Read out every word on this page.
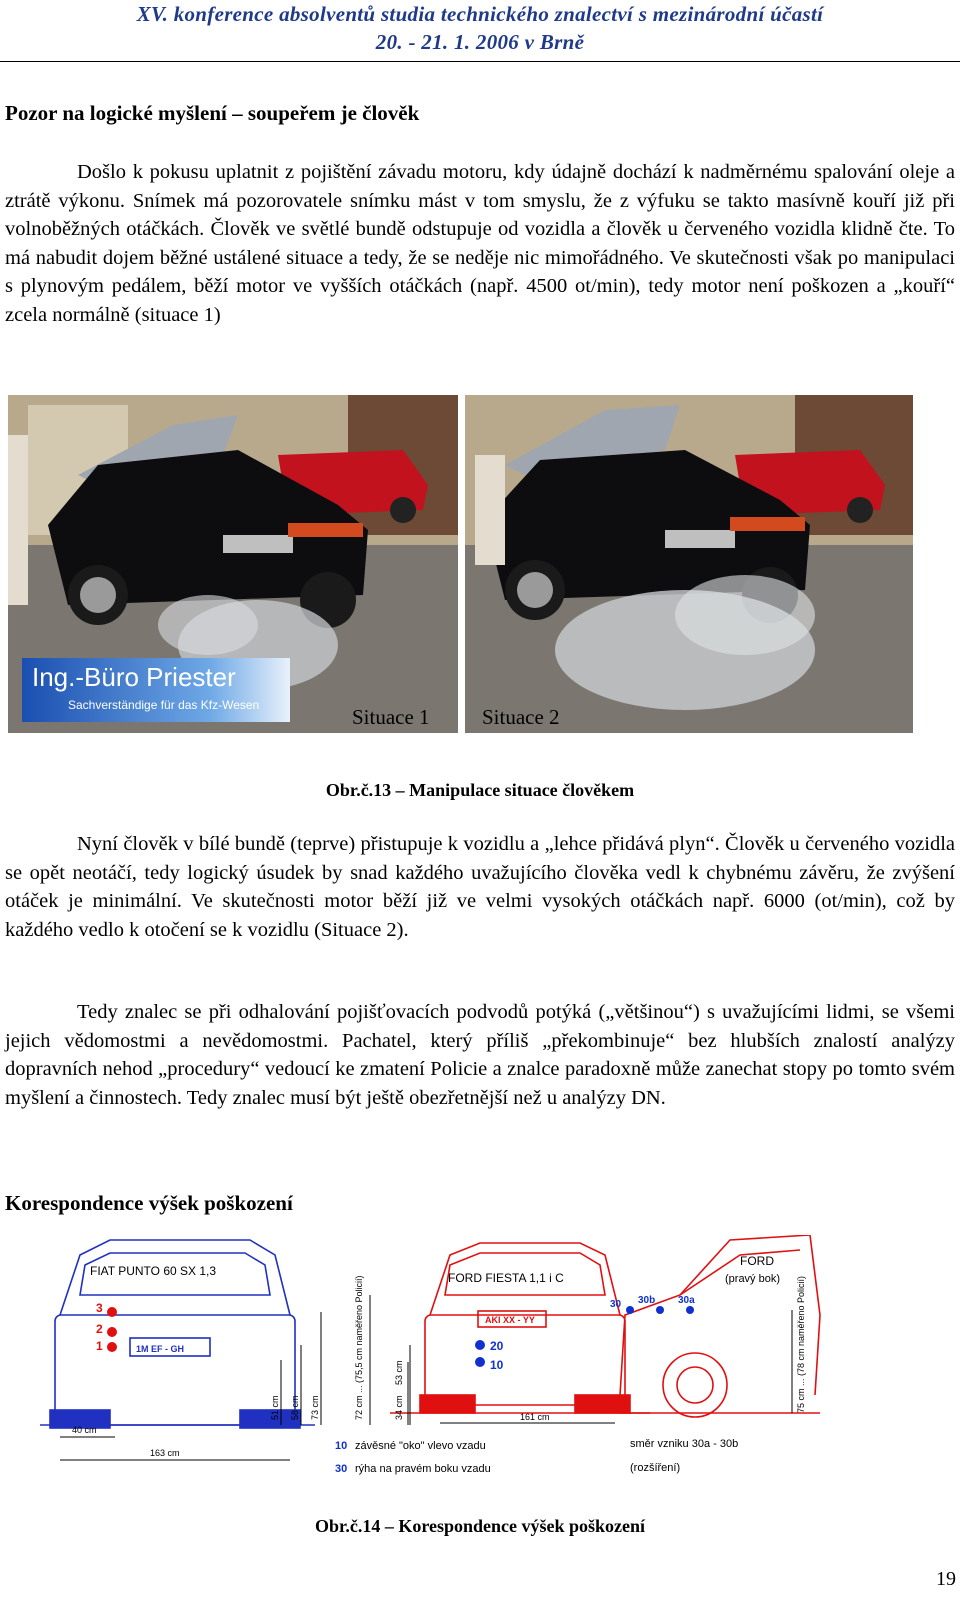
XV. konference absolventů studia technického znalectví s mezinárodní účastí
20. - 21. 1. 2006 v Brně
Pozor na logické myšlení – soupeřem je člověk
Došlo k pokusu uplatnit z pojištění závadu motoru, kdy údajně dochází k nadměrnému spalování oleje a ztrátě výkonu. Snímek má pozorovatele snímku mást v tom smyslu, že z výfuku se takto masívně kouří již při volnoběžných otáčkách. Člověk ve světlé bundě odstupuje od vozidla a člověk u červeného vozidla klidně čte. To má nabudit dojem běžné ustálené situace a tedy, že se neděje nic mimořádného. Ve skutečnosti však po manipulaci s plynovým pedálem, běží motor ve vyšších otáčkách (např. 4500 ot/min), tedy motor není poškozen a „kouří“ zcela normálně (situace 1)
Ing.-Büro Priester
Sachverständige für das Kfz-Wesen	Situace 1 Situace 2
Obr.č.13 – Manipulace situace člověkem
Nyní člověk v bílé bundě (teprve) přistupuje k vozidlu a „lehce přidává plyn“. Člověk u červeného vozidla se opět neotáčí, tedy logický úsudek by snad každého uvažujícího člověka vedl k chybnému závěru, že zvýšení otáček je minimální. Ve skutečnosti motor běží již ve velmi vysokých otáčkách např. 6000 (ot/min), což by každého vedlo k otočení se k vozidlu (Situace 2).
Tedy znalec se při odhalování pojišťovacích podvodů potýká („většinou“) s uvažujícími lidmi, se všemi jejich vědomostmi a nevědomostmi. Pachatel, který příliš „překombinuje“ bez hlubších znalostí analýzy dopravních nehod „procedury“ vedoucí ke zmatení Policie a znalce paradoxně může zanechat stopy po tomto svém myšlení a činnostech. Tedy znalec musí být ještě obezřetnější než u analýzy DN.
Korespondence výšek poškození
FIAT PUNTO 60 SX 1,3
1M EF - GH
3
2
1
40 cm
163 cm
51 cm 58 cm 73 cm
FORD FIESTA 1,1 i C
AKI XX - YY
20
10
72 cm ... (75,5 cm naměřeno Policií)	53 cm
34 cm	161 cm
FORD
(pravý bok)
30 30b 30a	75 cm ... (78 cm naměřeno Policií)
10 závěsné "oko" vlevo vzadu
30 rýha na pravém boku vzadu
směr vzniku 30a - 30b
(rozšíření)
Obr.č.14 – Korespondence výšek poškození
19
